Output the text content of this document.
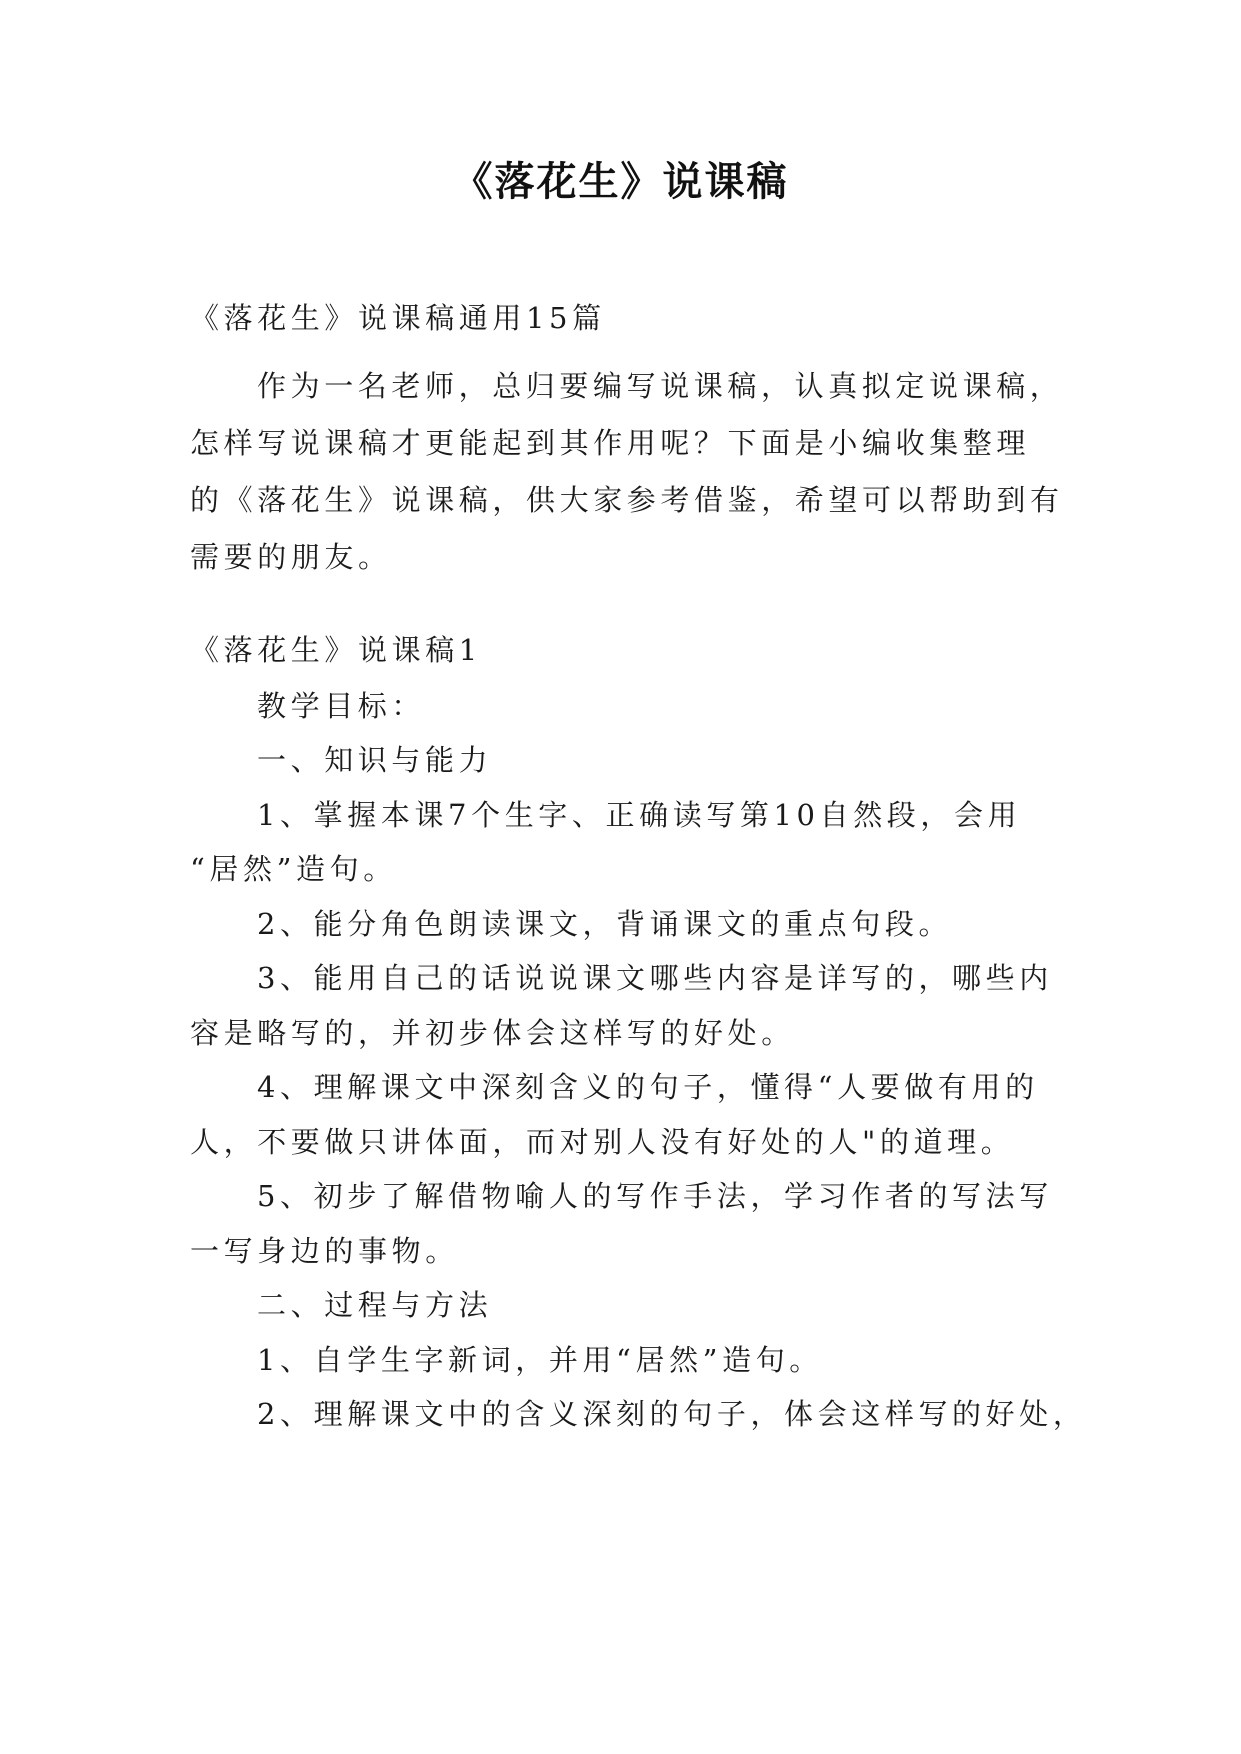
《落花生》说课稿
《落花生》说课稿通用15篇
作为一名老师，总归要编写说课稿，认真拟定说课稿，
怎样写说课稿才更能起到其作用呢？下面是小编收集整理
的《落花生》说课稿，供大家参考借鉴，希望可以帮助到有
需要的朋友。
《落花生》说课稿1
教学目标：
一、知识与能力
1、掌握本课7个生字、正确读写第10自然段，会用
“居然”造句。
2、能分角色朗读课文，背诵课文的重点句段。
3、能用自己的话说说课文哪些内容是详写的，哪些内
容是略写的，并初步体会这样写的好处。
4、理解课文中深刻含义的句子，懂得“人要做有用的
人，不要做只讲体面，而对别人没有好处的人"的道理。
5、初步了解借物喻人的写作手法，学习作者的写法写
一写身边的事物。
二、过程与方法
1、自学生字新词，并用“居然”造句。
2、理解课文中的含义深刻的句子，体会这样写的好处，
